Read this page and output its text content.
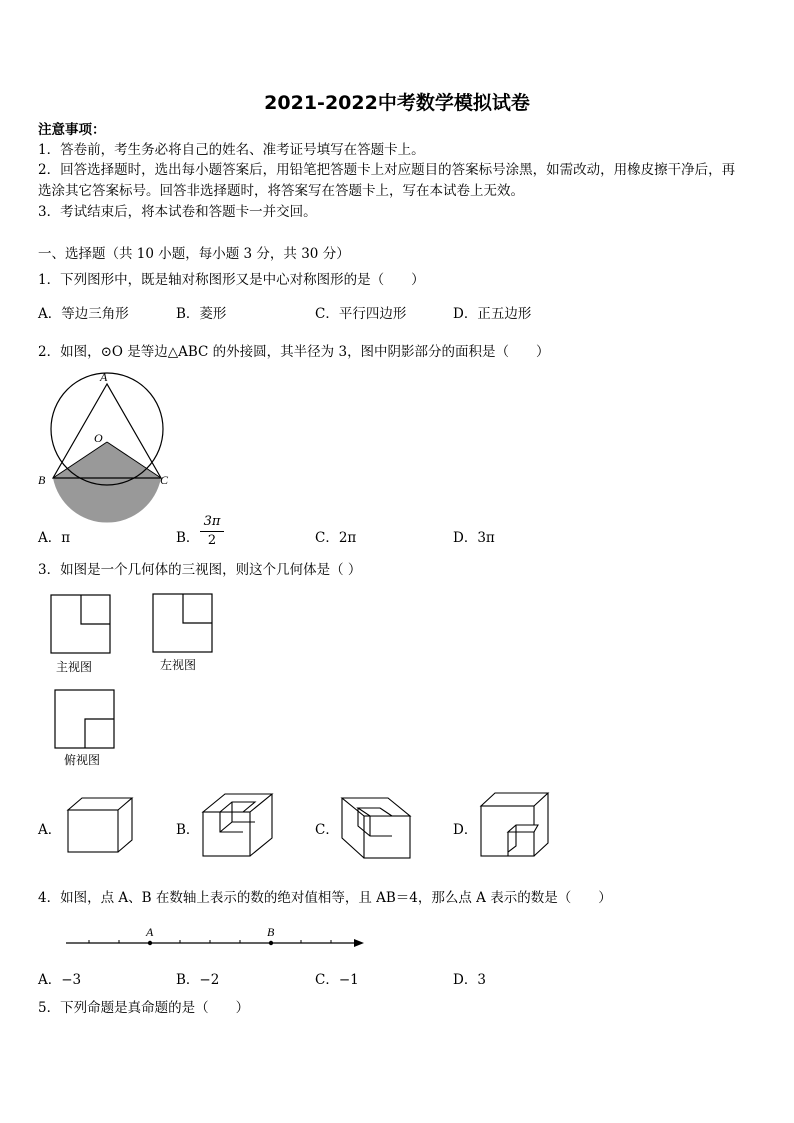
2021-2022中考数学模拟试卷
注意事项：
1．答卷前，考生务必将自己的姓名、准考证号填写在答题卡上。
2．回答选择题时，选出每小题答案后，用铅笔把答题卡上对应题目的答案标号涂黑，如需改动，用橡皮擦干净后，再
选涂其它答案标号。回答非选择题时，将答案写在答题卡上，写在本试卷上无效。
3．考试结束后，将本试卷和答题卡一并交回。
一、选择题（共 10 小题，每小题 3 分，共 30 分）
1．下列图形中，既是轴对称图形又是中心对称图形的是（　　）
A．等边三角形	B．菱形	C．平行四边形	D．正五边形
2．如图，⊙O 是等边△ABC 的外接圆，其半径为 3，图中阴影部分的面积是（　　）
A
O
B	C
A．π	B． $\frac{3\pi}{2}$	C．2π	D．3π
3．如图是一个几何体的三视图，则这个几何体是（ ）
主视图	左视图
俯视图
A．	B．	C．	D．
4．如图，点 A、B 在数轴上表示的数的绝对值相等，且 AB＝4，那么点 A 表示的数是（　　）
A	B
A．−3	B．−2	C．−1	D．3
5．下列命题是真命题的是（　　）
